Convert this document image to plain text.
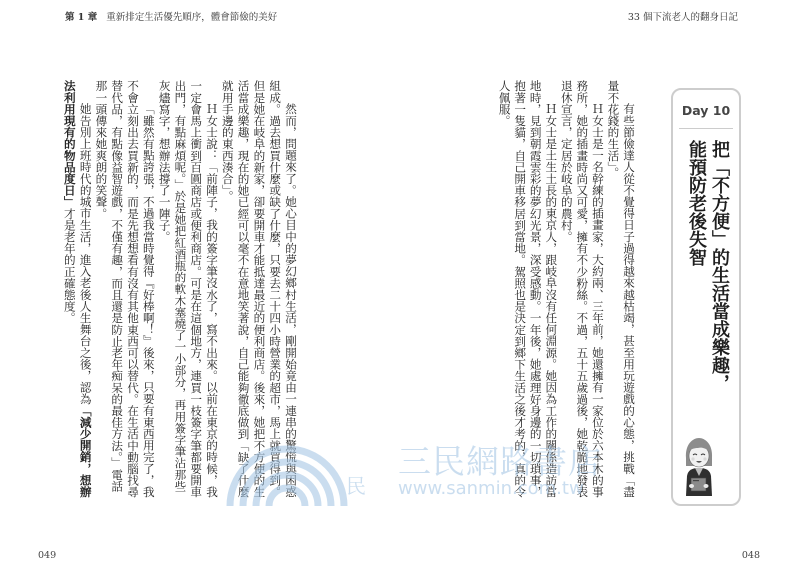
第 1 章 重新排定生活優先順序，體會節儉的美好
049
然而，問題來了。她心目中的夢幻鄉村生活，剛開始竟由一連串的驚慌與困惑
組成。過去想買什麼或缺了什麼，只要去二十四小時營業的超市，馬上就買得到。
但是她在岐阜的新家，卻要開車才能抵達最近的便利商店。後來，她把不方便的生
活當成樂趣，現在的她已經可以毫不在意地笑著說，自己能夠徹底做到「缺了什麼
就用手邊的東西湊合」。
Ｈ女士說：「前陣子，我的簽字筆沒水了，寫不出來。以前在東京的時候，我
一定會馬上衝到百圓商店或便利商店。可是在這個地方，連買一枝簽字筆都要開車
出門，有點麻煩呢。」於是她把紅酒瓶的軟木塞燒了一小部分，再用簽字筆沾那些
灰燼寫字，想辦法撐了一陣子。
「雖然有點誇張，不過我當時覺得『好棒啊！』後來，只要有東西用完了，我
不會立刻出去買新的，而是先想想看有沒有其他東西可以替代。在生活中動腦找尋
替代品，有點像益智遊戲，不僅有趣，而且還是防止老年痴呆的最佳方法。」電話
那一頭傳來她爽朗的笑聲。
她告別上班時代的城市生活，進入老後人生舞台之後，認為「減少開銷，想辦
法利用現有的物品度日」才是老年的正確態度。
33 個下流老人的翻身日記
048
有些節儉達人從不覺得日子過得越來越枯竭，甚至用玩遊戲的心態，挑戰「盡
量不花錢的生活」。
Ｈ女士是一名幹練的插畫家，大約兩、三年前，她還擁有一家位於六本木的事
務所，她的插畫時尚又可愛，擁有不少粉絲。不過，五十五歲過後，她乾脆地發表
退休宣言，定居於岐阜的農村。
Ｈ女士是土生土長的東京人，跟岐阜沒有任何淵源。她因為工作的關係造訪當
地時，見到朝霞雲彩的夢幻光景，深受感動。一年後，她處理好身邊的一切瑣事，
抱著一隻貓，自己開車移居到當地。駕照也是決定到鄉下生活之後才考的，真的令
人佩服。	Day 10
把「不方便」的生活當成樂趣，
能預防老後失智
民
三民網路書店
www.sanmin.com.tw
